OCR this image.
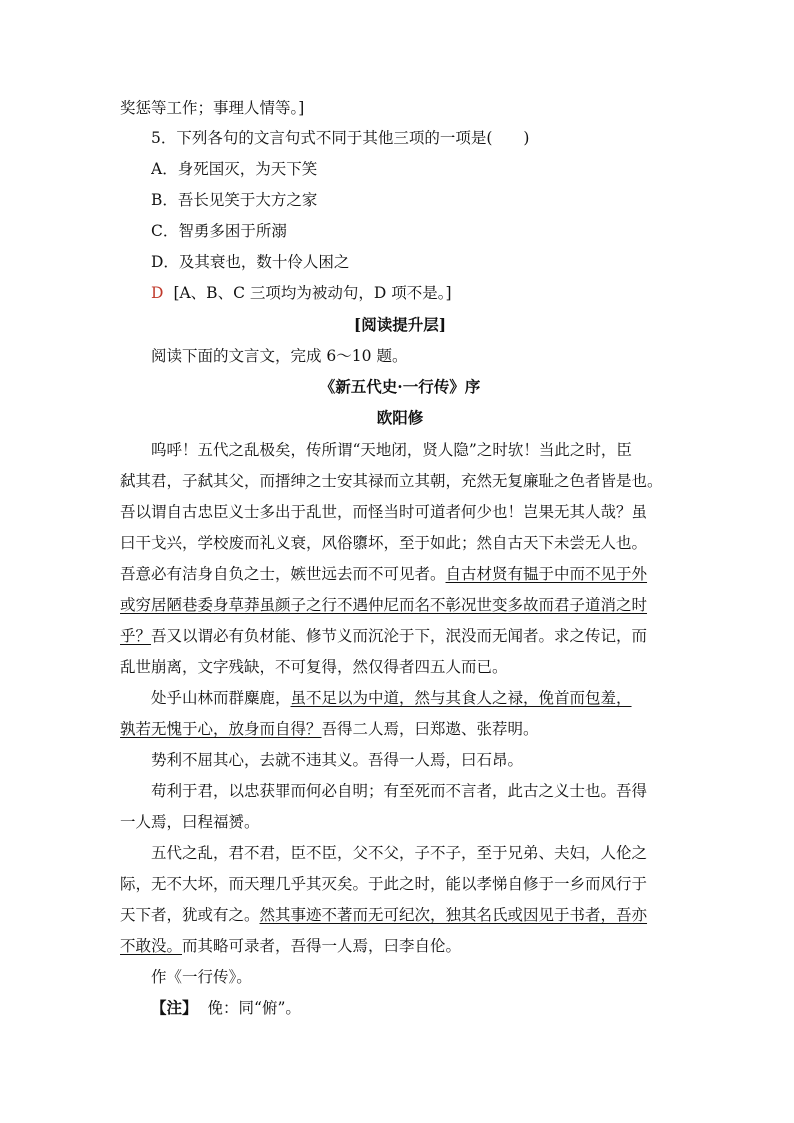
奖惩等工作；事理人情等。]
5．下列各句的文言句式不同于其他三项的一项是(　　)
A．身死国灭，为天下笑
B．吾长见笑于大方之家
C．智勇多困于所溺
D．及其衰也，数十伶人困之
D [A、B、C 三项均为被动句，D 项不是。]
[阅读提升层]
阅读下面的文言文，完成 6～10 题。
《新五代史·一行传》序
欧阳修
呜呼！五代之乱极矣，传所谓“天地闭，贤人隐”之时欤！当此之时，臣
弑其君，子弑其父，而搢绅之士安其禄而立其朝，充然无复廉耻之色者皆是也。
吾以谓自古忠臣义士多出于乱世，而怪当时可道者何少也！岂果无其人哉？虽
曰干戈兴，学校废而礼义衰，风俗隳坏，至于如此；然自古天下未尝无人也。
吾意必有洁身自负之士，嫉世远去而不可见者。自古材贤有韫于中而不见于外
或穷居陋巷委身草莽虽颜子之行不遇仲尼而名不彰况世变多故而君子道消之时
乎？吾又以谓必有负材能、修节义而沉沦于下，泯没而无闻者。求之传记，而
乱世崩离，文字残缺，不可复得，然仅得者四五人而已。
处乎山林而群麋鹿，虽不足以为中道，然与其食人之禄，俛首而包羞，
孰若无愧于心，放身而自得？吾得二人焉，曰郑遨、张荐明。
势利不屈其心，去就不违其义。吾得一人焉，曰石昂。
苟利于君，以忠获罪而何必自明；有至死而不言者，此古之义士也。吾得
一人焉，曰程福赟。
五代之乱，君不君，臣不臣，父不父，子不子，至于兄弟、夫妇，人伦之
际，无不大坏，而天理几乎其灭矣。于此之时，能以孝悌自修于一乡而风行于
天下者，犹或有之。然其事迹不著而无可纪次，独其名氏或因见于书者，吾亦
不敢没。而其略可录者，吾得一人焉，曰李自伦。
作《一行传》。
【注】 俛：同“俯”。
